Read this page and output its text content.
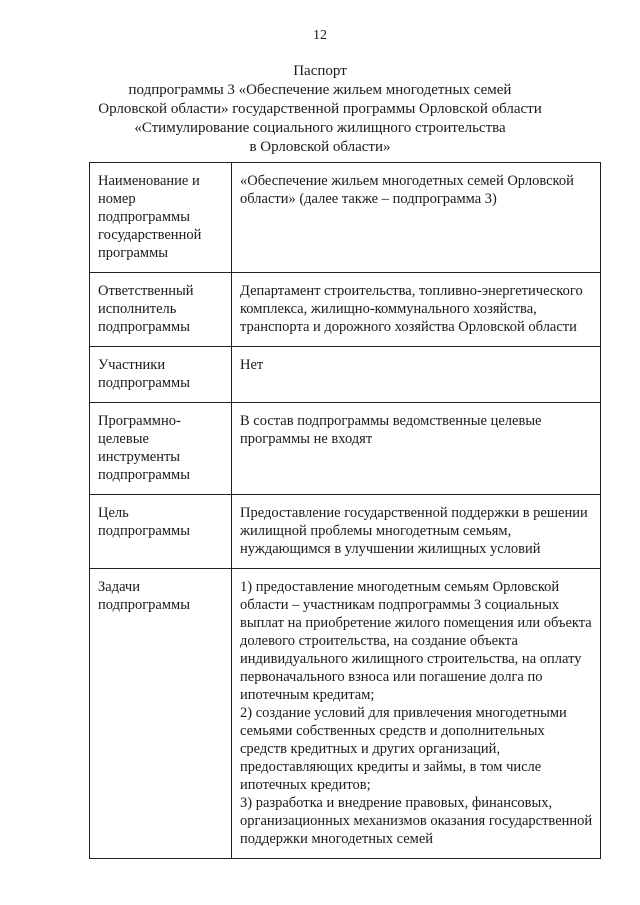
12
Паспорт
подпрограммы 3 «Обеспечение жильем многодетных семей
Орловской области» государственной программы Орловской области
«Стимулирование социального жилищного строительства
в Орловской области»
Наименование и номер подпрограммы государственной программы	«Обеспечение жильем многодетных семей Орловской области» (далее также – подпрограмма 3)
Ответственный исполнитель подпрограммы	Департамент строительства, топливно-энергетического комплекса, жилищно-коммунального хозяйства, транспорта и дорожного хозяйства Орловской области
Участники подпрограммы	Нет
Программно-целевые инструменты подпрограммы	В состав подпрограммы ведомственные целевые программы не входят
Цель подпрограммы	Предоставление государственной поддержки в решении жилищной проблемы многодетным семьям, нуждающимся в улучшении жилищных условий
Задачи подпрограммы	1) предоставление многодетным семьям Орловской области – участникам подпрограммы 3 социальных выплат на приобретение жилого помещения или объекта долевого строительства, на создание объекта индивидуального жилищного строительства, на оплату первоначального взноса или погашение долга по ипотечным кредитам;
2) создание условий для привлечения многодетными семьями собственных средств и дополнительных средств кредитных и других организаций, предоставляющих кредиты и займы, в том числе ипотечных кредитов;
3) разработка и внедрение правовых, финансовых, организационных механизмов оказания государственной поддержки многодетных семей
